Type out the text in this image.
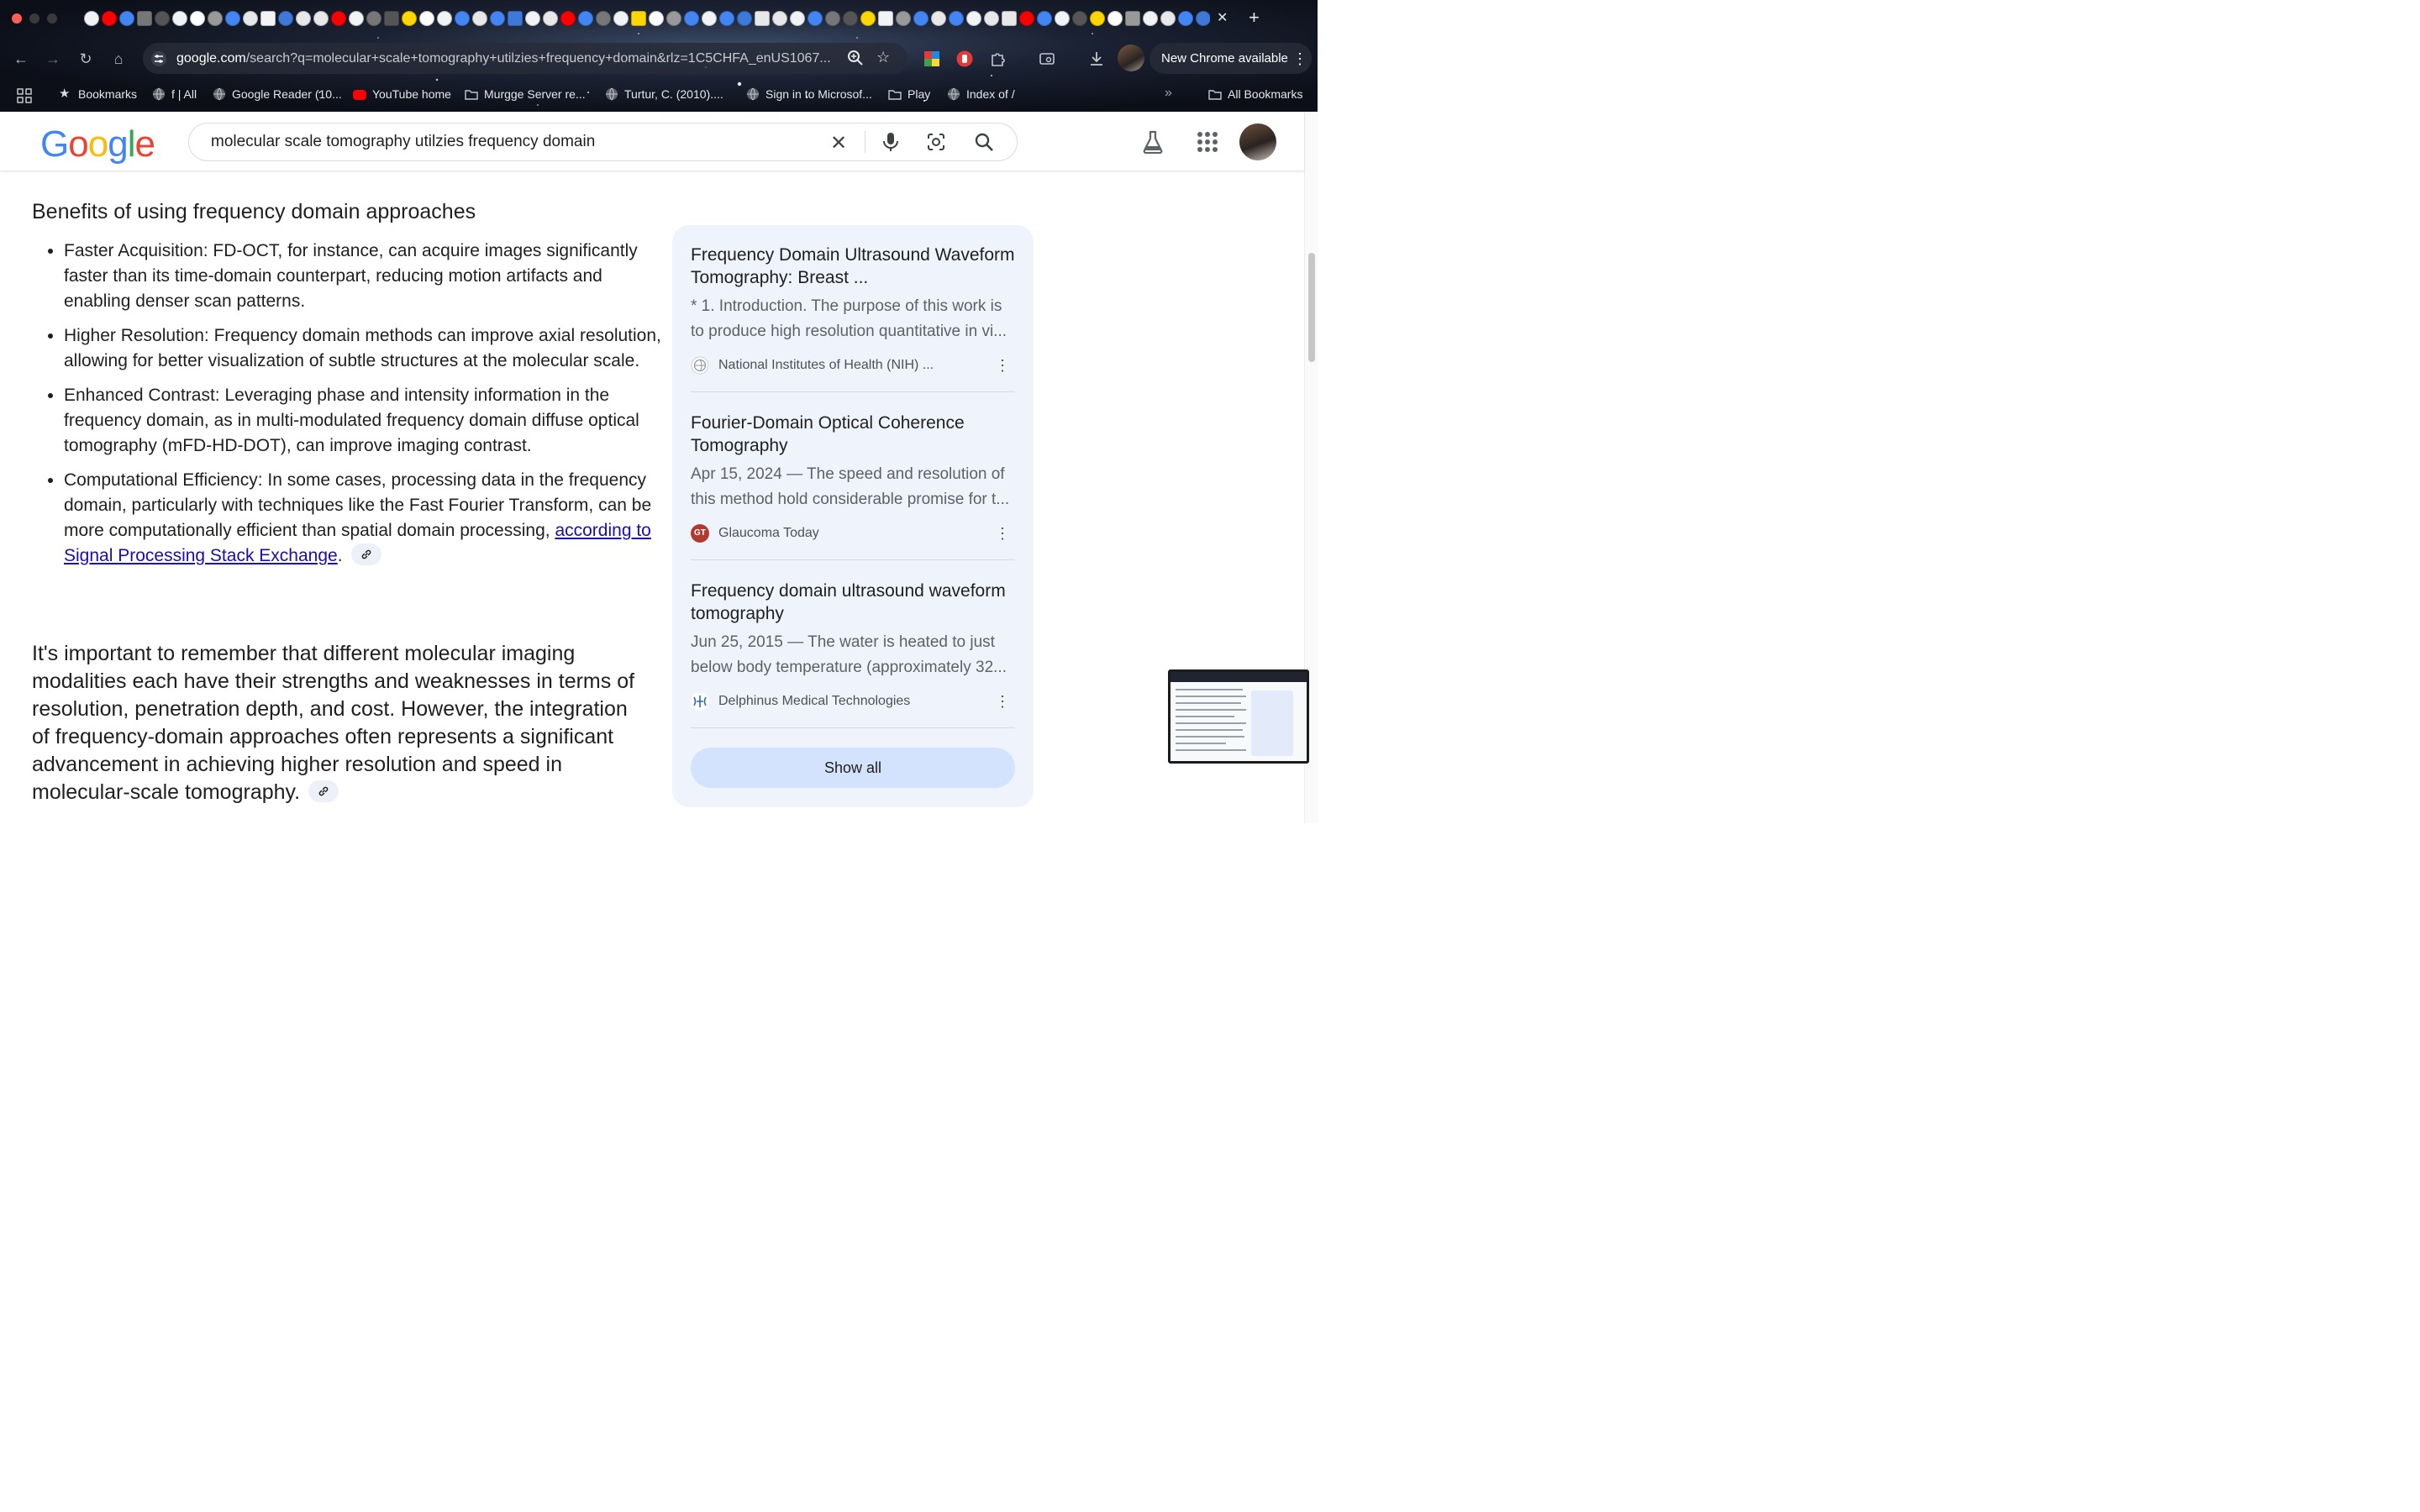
✕ +
← → ↻	⌂	google.com/search?q=molecular+scale+tomography+utilzies+frequency+domain&rlz=1C5CHFA_enUS1067...	☆	New Chrome available ⋮
»	All Bookmarks
★ Bookmarks	f | All	Google Reader (10...	YouTube home	Murgge Server re...	Turtur, C. (2010)....	Sign in to Microsof...	Play	Index of /
Google
molecular scale tomography utilzies frequency domain	✕
Benefits of using frequency domain approaches
• Faster Acquisition: FD-OCT, for instance, can acquire images significantly faster than its time-domain counterpart, reducing motion artifacts and enabling denser scan patterns.
• Higher Resolution: Frequency domain methods can improve axial resolution, allowing for better visualization of subtle structures at the molecular scale.
• Enhanced Contrast: Leveraging phase and intensity information in the frequency domain, as in multi-modulated frequency domain diffuse optical tomography (mFD-HD-DOT), can improve imaging contrast.
• Computational Efficiency: In some cases, processing data in the frequency domain, particularly with techniques like the Fast Fourier Transform, can be more computationally efficient than spatial domain processing, according to Signal Processing Stack Exchange.
It's important to remember that different molecular imaging modalities each have their strengths and weaknesses in terms of resolution, penetration depth, and cost. However, the integration of frequency-domain approaches often represents a significant advancement in achieving higher resolution and speed in molecular-scale tomography.
Show all
Frequency Domain Ultrasound Waveform Tomography: Breast ...
* 1. Introduction. The purpose of this work is
to produce high resolution quantitative in vi...
National Institutes of Health (NIH) ...	⋮
Fourier-Domain Optical Coherence Tomography
Apr 15, 2024 — The speed and resolution of
this method hold considerable promise for t...
GT Glaucoma Today	⋮
Frequency domain ultrasound waveform tomography
Jun 25, 2015 — The water is heated to just
below body temperature (approximately 32...
Delphinus Medical Technologies	⋮
